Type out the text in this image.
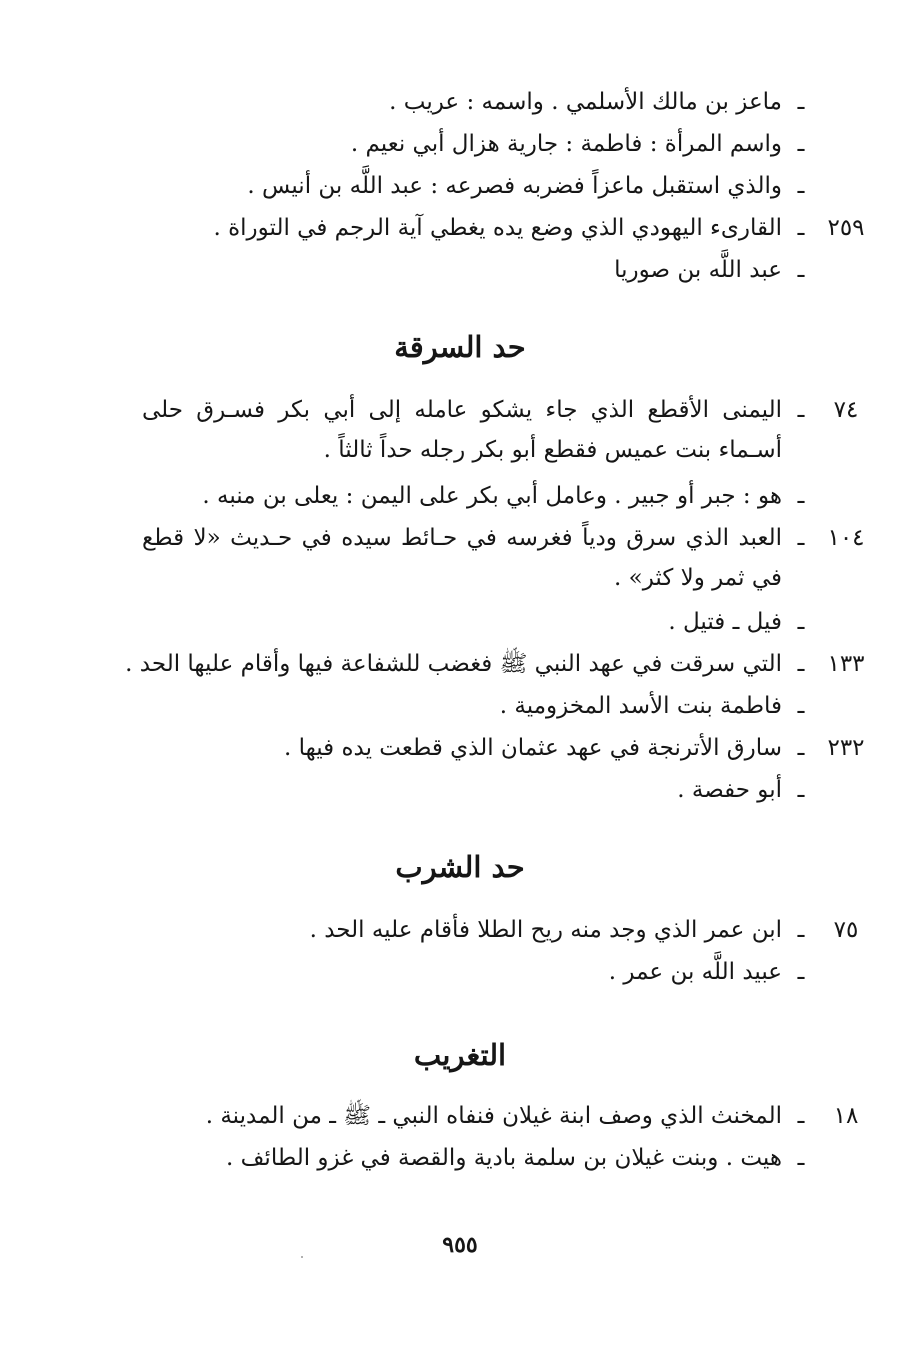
ـ
ماعز بن مالك الأسلمي . واسمه : عريب .
ـ
واسم المرأة : فاطمة : جارية هزال أبي نعيم .
ـ
والذي استقبل ماعزاً فضربه فصرعه : عبد اللَّه بن أنيس .
٢٥٩
ـ
القارىء اليهودي الذي وضع يده يغطي آية الرجم في التوراة .
ـ
عبد اللَّه بن صوريا
حد السرقة
٧٤
ـ
اليمنى الأقطع الذي جاء يشكو عامله إلى أبي بكر فسـرق حلى أسـماء بنت عميس فقطع أبو بكر رجله حداً ثالثاً .
ـ
هو : جبر أو جبير . وعامل أبي بكر على اليمن : يعلى بن منبه .
١٠٤
ـ
العبد الذي سرق ودياً فغرسه في حـائط سيده في حـديث «لا قطع في ثمر ولا كثر» .
ـ
فيل ـ فتيل .
١٣٣
ـ
التي سرقت في عهد النبي ﷺ فغضب للشفاعة فيها وأقام عليها الحد .
ـ
فاطمة بنت الأسد المخزومية .
٢٣٢
ـ
سارق الأترنجة في عهد عثمان الذي قطعت يده فيها .
ـ
أبو حفصة .
حد الشرب
٧٥
ـ
ابن عمر الذي وجد منه ريح الطلا فأقام عليه الحد .
ـ
عبيد اللَّه بن عمر .
التغريب
١٨
ـ
المخنث الذي وصف ابنة غيلان فنفاه النبي ـ ﷺ ـ من المدينة .
ـ
هيت . وبنت غيلان بن سلمة بادية والقصة في غزو الطائف .
٩٥٥
